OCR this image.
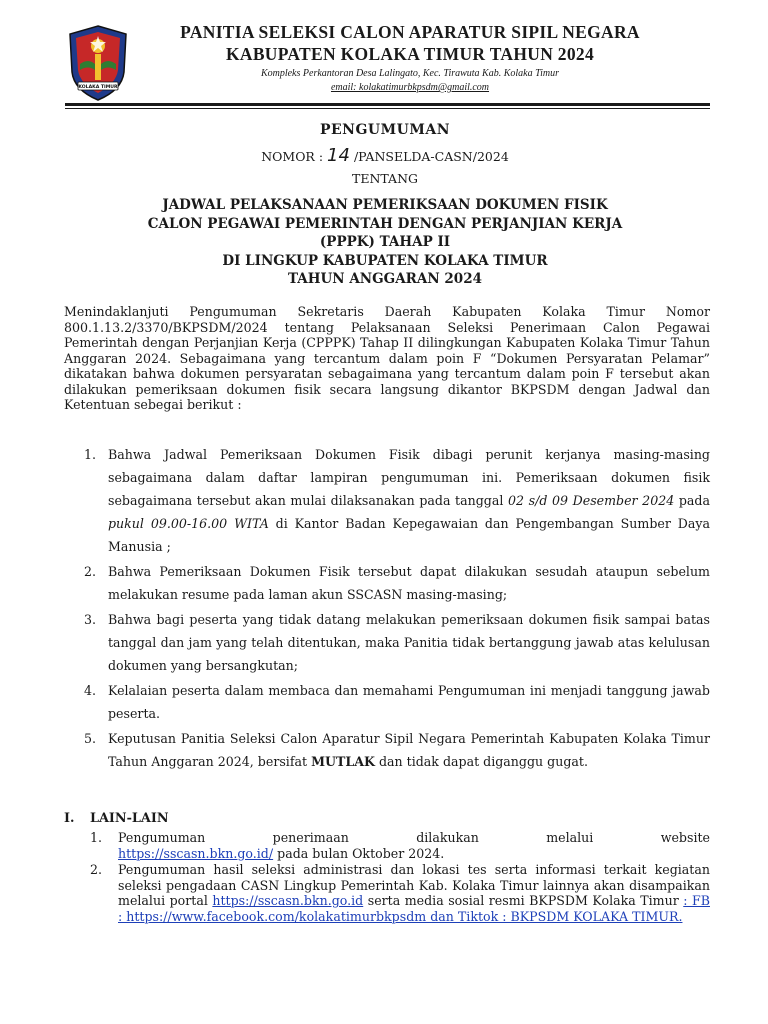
KOLAKA TIMUR
PANITIA SELEKSI CALON APARATUR SIPIL NEGARA
KABUPATEN KOLAKA TIMUR TAHUN 2024
Kompleks Perkantoran Desa Lalingato, Kec. Tirawuta Kab. Kolaka Timur
email: kolakatimurbkpsdm@gmail.com
PENGUMUMAN
NOMOR : 14 /PANSELDA-CASN/2024
TENTANG
JADWAL PELAKSANAAN PEMERIKSAAN DOKUMEN FISIK
CALON PEGAWAI PEMERINTAH DENGAN PERJANJIAN KERJA
(PPPK) TAHAP II
DI LINGKUP KABUPATEN KOLAKA TIMUR
TAHUN ANGGARAN 2024
Menindaklanjuti Pengumuman Sekretaris Daerah Kabupaten Kolaka Timur Nomor 800.1.13.2/3370/BKPSDM/2024 tentang Pelaksanaan Seleksi Penerimaan Calon Pegawai Pemerintah dengan Perjanjian Kerja (CPPPK) Tahap II dilingkungan Kabupaten Kolaka Timur Tahun Anggaran 2024. Sebagaimana yang tercantum dalam poin F “Dokumen Persyaratan Pelamar” dikatakan bahwa dokumen persyaratan sebagaimana yang tercantum dalam poin F tersebut akan dilakukan pemeriksaan dokumen fisik secara langsung dikantor BKPSDM dengan Jadwal dan Ketentuan sebegai berikut :
1. Bahwa Jadwal Pemeriksaan Dokumen Fisik dibagi perunit kerjanya masing-masing sebagaimana dalam daftar lampiran pengumuman ini. Pemeriksaan dokumen fisik sebagaimana tersebut akan mulai dilaksanakan pada tanggal 02 s/d 09 Desember 2024 pada pukul 09.00-16.00 WITA di Kantor Badan Kepegawaian dan Pengembangan Sumber Daya Manusia ;
2. Bahwa Pemeriksaan Dokumen Fisik tersebut dapat dilakukan sesudah ataupun sebelum melakukan resume pada laman akun SSCASN masing-masing;
3. Bahwa bagi peserta yang tidak datang melakukan pemeriksaan dokumen fisik sampai batas tanggal dan jam yang telah ditentukan, maka Panitia tidak bertanggung jawab atas kelulusan dokumen yang bersangkutan;
4. Kelalaian peserta dalam membaca dan memahami Pengumuman ini menjadi tanggung jawab peserta.
5. Keputusan Panitia Seleksi Calon Aparatur Sipil Negara Pemerintah Kabupaten Kolaka Timur Tahun Anggaran 2024, bersifat MUTLAK dan tidak dapat diganggu gugat.
I. LAIN-LAIN
1. Pengumuman penerimaan dilakukan melalui website
https://sscasn.bkn.go.id/ pada bulan Oktober 2024.
2. Pengumuman hasil seleksi administrasi dan lokasi tes serta informasi terkait kegiatan seleksi pengadaan CASN Lingkup Pemerintah Kab. Kolaka Timur lainnya akan disampaikan melalui portal https://sscasn.bkn.go.id serta media sosial resmi BKPSDM Kolaka Timur : FB : https://www.facebook.com/kolakatimurbkpsdm dan Tiktok : BKPSDM KOLAKA TIMUR.
